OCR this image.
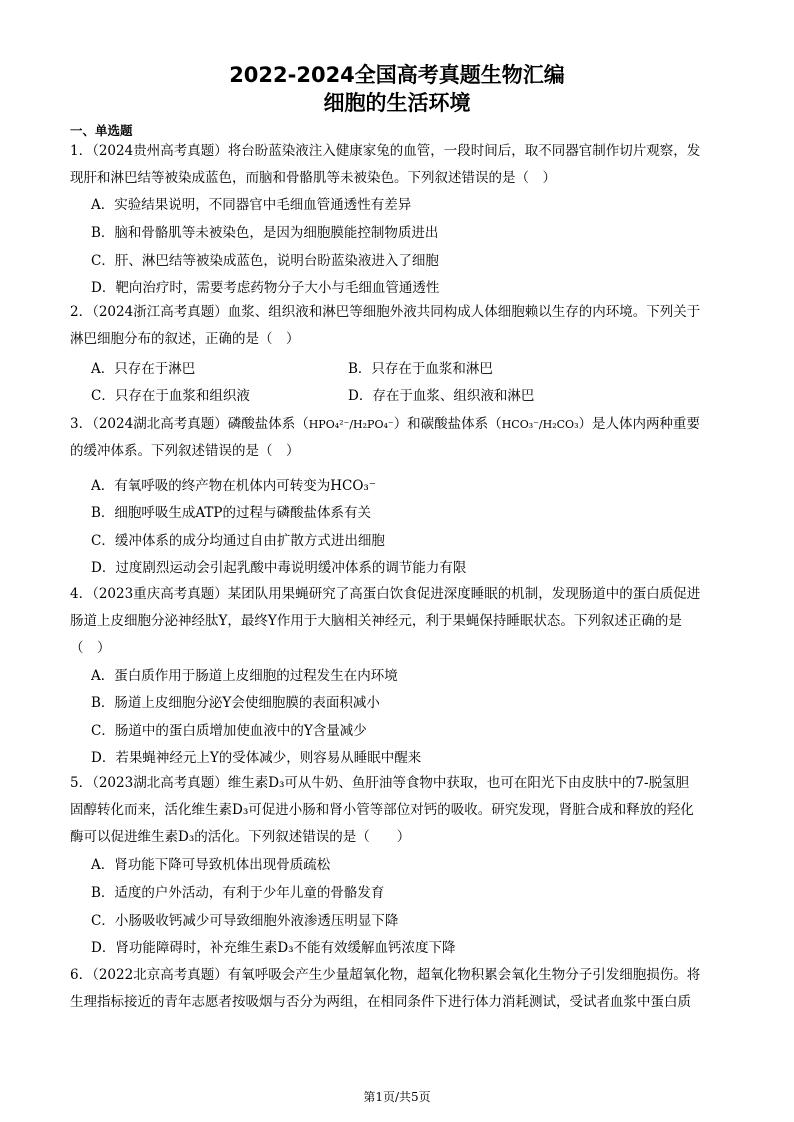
2022-2024全国高考真题生物汇编
细胞的生活环境
一、单选题
1．（2024贵州高考真题）将台盼蓝染液注入健康家兔的血管，一段时间后，取不同器官制作切片观察，发
现肝和淋巴结等被染成蓝色，而脑和骨骼肌等未被染色。下列叙述错误的是（　）
A．实验结果说明，不同器官中毛细血管通透性有差异
B．脑和骨骼肌等未被染色，是因为细胞膜能控制物质进出
C．肝、淋巴结等被染成蓝色，说明台盼蓝染液进入了细胞
D．靶向治疗时，需要考虑药物分子大小与毛细血管通透性
2．（2024浙江高考真题）血浆、组织液和淋巴等细胞外液共同构成人体细胞赖以生存的内环境。下列关于
淋巴细胞分布的叙述，正确的是（　）
A．只存在于淋巴	B．只存在于血浆和淋巴
C．只存在于血浆和组织液	D．存在于血浆、组织液和淋巴
3．（2024湖北高考真题）磷酸盐体系（HPO₄²⁻/H₂PO₄⁻）和碳酸盐体系（HCO₃⁻/H₂CO₃）是人体内两种重要
的缓冲体系。下列叙述错误的是（　）
A．有氧呼吸的终产物在机体内可转变为HCO₃⁻
B．细胞呼吸生成ATP的过程与磷酸盐体系有关
C．缓冲体系的成分均通过自由扩散方式进出细胞
D．过度剧烈运动会引起乳酸中毒说明缓冲体系的调节能力有限
4．（2023重庆高考真题）某团队用果蝇研究了高蛋白饮食促进深度睡眠的机制，发现肠道中的蛋白质促进
肠道上皮细胞分泌神经肽Y，最终Y作用于大脑相关神经元，利于果蝇保持睡眠状态。下列叙述正确的是
（　）
A．蛋白质作用于肠道上皮细胞的过程发生在内环境
B．肠道上皮细胞分泌Y会使细胞膜的表面积减小
C．肠道中的蛋白质增加使血液中的Y含量减少
D．若果蝇神经元上Y的受体减少，则容易从睡眠中醒来
5．（2023湖北高考真题）维生素D₃可从牛奶、鱼肝油等食物中获取，也可在阳光下由皮肤中的7-脱氢胆
固醇转化而来，活化维生素D₃可促进小肠和肾小管等部位对钙的吸收。研究发现，肾脏合成和释放的羟化
酶可以促进维生素D₃的活化。下列叙述错误的是（　　）
A．肾功能下降可导致机体出现骨质疏松
B．适度的户外活动，有利于少年儿童的骨骼发育
C．小肠吸收钙减少可导致细胞外液渗透压明显下降
D．肾功能障碍时，补充维生素D₃不能有效缓解血钙浓度下降
6．（2022北京高考真题）有氧呼吸会产生少量超氧化物，超氧化物积累会氧化生物分子引发细胞损伤。将
生理指标接近的青年志愿者按吸烟与否分为两组，在相同条件下进行体力消耗测试，受试者血浆中蛋白质
第1页/共5页
